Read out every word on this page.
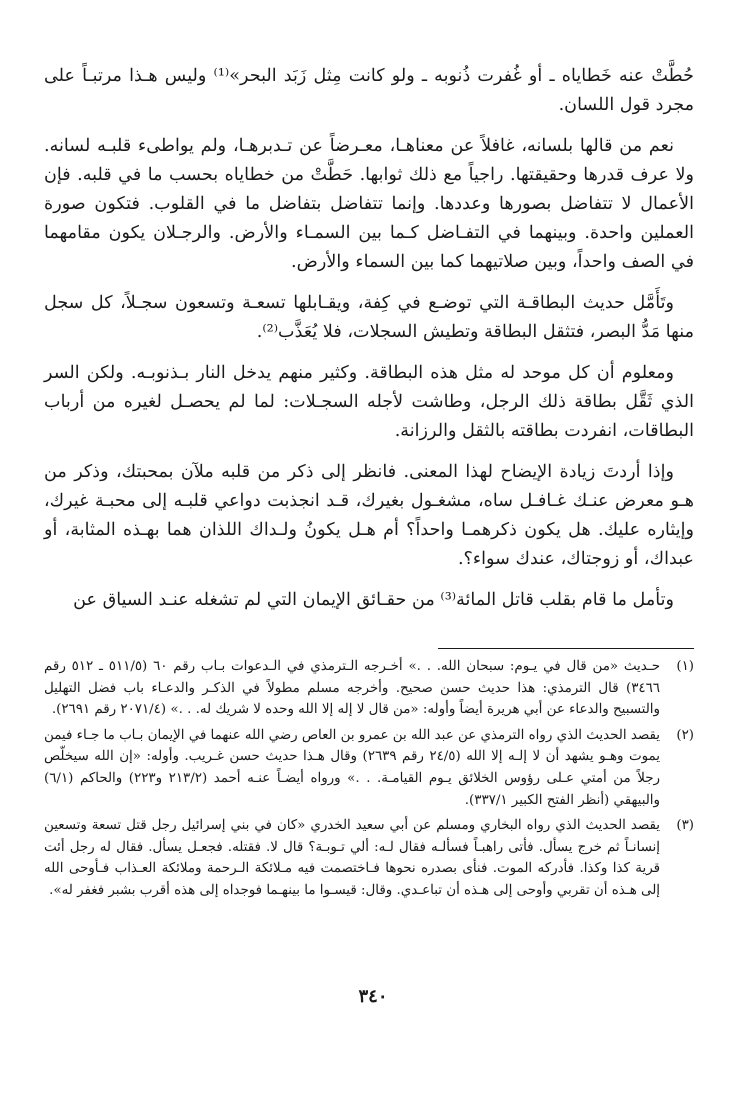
حُطَّتْ عنه خَطاياه ـ أو غُفرت ذُنوبه ـ ولو كانت مِثل زَبَد البحر»⁽¹⁾ وليس هـذا مرتبـاً على مجرد قول اللسان.

نعم من قالها بلسانه، غافلاً عن معناهـا، معـرضاً عن تـدبرهـا، ولم يواطىء قلبـه لسانه. ولا عرف قدرها وحقيقتها. راجياً مع ذلك ثوابها. حَطَّتْ من خطاياه بحسب ما في قلبه. فإن الأعمال لا تتفاضل بصورها وعددها. وإنما تتفاضل بتفاضل ما في القلوب. فتكون صورة العملين واحدة. وبينهما في التفـاضل كـما بين السمـاء والأرض. والرجـلان يكون مقامهما في الصف واحداً، وبين صلاتيهما كما بين السماء والأرض.

وتَأَمَّل حديث البطاقـة التي توضـع في كِفة، ويقـابلها تسعـة وتسعون سجـلاً، كل سجل منها مَدُّ البصر، فتثقل البطاقة وتطيش السجلات، فلا يُعَذَّب⁽²⁾.

ومعلوم أن كل موحد له مثل هذه البطاقة. وكثير منهم يدخل النار بـذنوبـه. ولكن السر الذي ثَقَّل بطاقة ذلك الرجل، وطاشت لأجله السجـلات: لما لم يحصـل لغيره من أرباب البطاقات، انفردت بطاقته بالثقل والرزانة.

وإذا أردتَ زيادة الإيضاح لهذا المعنى. فانظر إلى ذكر من قلبه ملآن بمحبتك، وذكر من هـو معرض عنـك غـافـل ساه، مشغـول بغيرك، قـد انجذبت دواعي قلبـه إلى محبـة غيرك، وإيثاره عليك. هل يكون ذكرهمـا واحداً؟ أم هـل يكونُ ولـداك اللذان هما بهـذه المثابة، أو عبداك، أو زوجتاك، عندك سواء؟.

وتأمل ما قام بقلب قاتل المائة⁽³⁾ من حقـائق الإيمان التي لم تشغله عنـد السياق عن

(١)
حـديث «من قال في يـوم: سبحان الله. . .» أخـرجه الـترمذي في الـدعوات بـاب رقم ٦٠ (٥١١/٥ ـ ٥١٢ رقم ٣٤٦٦) قال الترمذي: هذا حديث حسن صحيح. وأخرجه مسلم مطولاً في الذكـر والدعـاء باب فضل التهليل والتسبيح والدعاء عن أبي هريرة أيضاً وأوله: «من قال لا إله إلا الله وحده لا شريك له. . .» (٢٠٧١/٤ رقم ٢٦٩١).
(٢)
يقصد الحديث الذي رواه الترمذي عن عبد الله بن عمرو بن العاص رضي الله عنهما في الإيمان بـاب ما جـاء فيمن يموت وهـو يشهد أن لا إلـه إلا الله (٢٤/٥ رقم ٢٦٣٩) وقال هـذا حديث حسن غـريب. وأوله: «إن الله سيخلّص رجلاً من أمتي عـلى رؤوس الخلائق يـوم القيامـة. . .» ورواه أيضـاً عنـه أحمد (٢١٣/٢ و٢٢٣) والحاكم (٦/١) والبيهقي (أنظر الفتح الكبير ٣٣٧/١).
(٣)
يقصد الحديث الذي رواه البخاري ومسلم عن أبي سعيد الخدري «كان في بني إسرائيل رجل قتل تسعة وتسعين إنسانـاً ثم خرج يسأل. فأتى راهبـاً فسألـه فقال لـه: ألي تـوبـة؟ قال لا. فقتله. فجعـل يسأل. فقال له رجل أئت قرية كذا وكذا. فأدركه الموت. فنأى بصدره نحوها فـاختصمت فيه مـلائكة الـرحمة وملائكة العـذاب فـأوحى الله إلى هـذه أن تقربي وأوحى إلى هـذه أن تباعـدي. وقال: قيسـوا ما بينهـما فوجداه إلى هذه أقرب بشبر فغفر له».
٣٤٠
